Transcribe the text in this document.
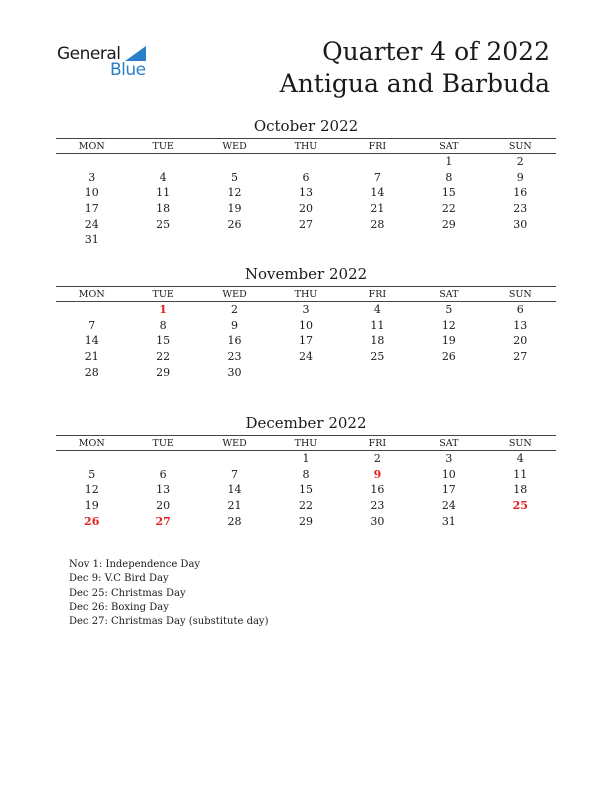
General
Blue
Quarter 4 of 2022
Antigua and Barbuda
October 2022
MON	TUE	WED	THU	FRI	SAT	SUN
					1	2
3	4	5	6	7	8	9
10	11	12	13	14	15	16
17	18	19	20	21	22	23
24	25	26	27	28	29	30
31						
November 2022
MON	TUE	WED	THU	FRI	SAT	SUN
	1	2	3	4	5	6
7	8	9	10	11	12	13
14	15	16	17	18	19	20
21	22	23	24	25	26	27
28	29	30				
December 2022
MON	TUE	WED	THU	FRI	SAT	SUN
			1	2	3	4
5	6	7	8	9	10	11
12	13	14	15	16	17	18
19	20	21	22	23	24	25
26	27	28	29	30	31	
Nov 1: Independence Day
Dec 9: V.C Bird Day
Dec 25: Christmas Day
Dec 26: Boxing Day
Dec 27: Christmas Day (substitute day)
